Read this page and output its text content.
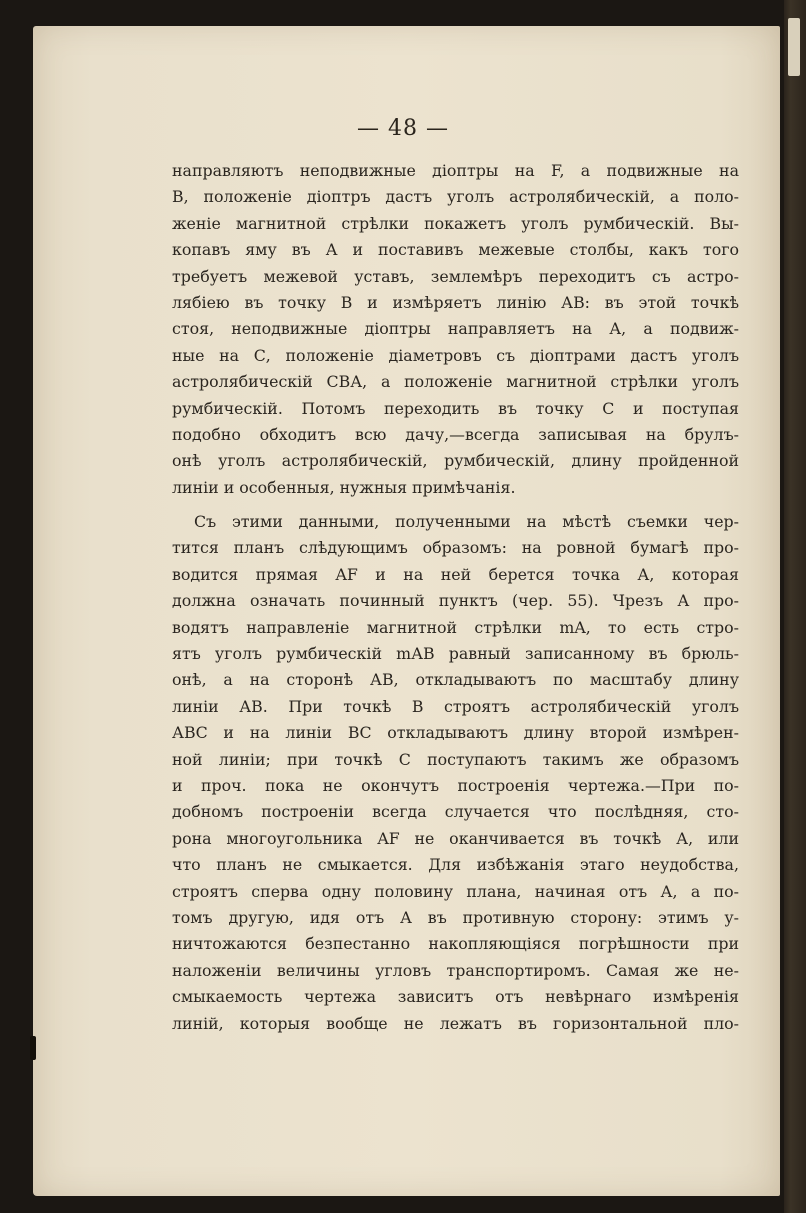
— 48 —
направляютъ неподвижные діоптры на F, а подвижные на
В, положеніе діоптръ дастъ уголъ астролябическій, а поло-
женіе магнитной стрѣлки покажетъ уголъ румбическій. Вы-
копавъ яму въ А и поставивъ межевые столбы, какъ того
требуетъ межевой уставъ, землемѣръ переходитъ съ астро-
лябіею въ точку В и измѣряетъ линію АВ: въ этой точкѣ
стоя, неподвижные діоптры направляетъ на А, а подвиж-
ные на С, положеніе діаметровъ съ діоптрами дастъ уголъ
астролябическій СВА, а положеніе магнитной стрѣлки уголъ
румбическій. Потомъ переходить въ точку С и поступая
подобно обходитъ всю дачу,—всегда записывая на брулъ-
онѣ уголъ астролябическій, румбическій, длину пройденной
линіи и особенныя, нужныя примѣчанія.
Съ этими данными, полученными на мѣстѣ съемки чер-
тится планъ слѣдующимъ образомъ: на ровной бумагѣ про-
водится прямая AF и на ней берется точка А, которая
должна означать починный пунктъ (чер. 55). Чрезъ А про-
водятъ направленіе магнитной стрѣлки mA, то есть стро-
ятъ уголъ румбическій mАВ равный записанному въ брюль-
онѣ, а на сторонѣ АВ, откладываютъ по масштабу длину
линіи АВ. При точкѣ В строятъ астролябическій уголъ
АВС и на линіи ВС откладываютъ длину второй измѣрен-
ной линіи; при точкѣ С поступаютъ такимъ же образомъ
и проч. пока не окончутъ построенія чертежа.—При по-
добномъ построеніи всегда случается что послѣдняя, сто-
рона многоугольника AF не оканчивается въ точкѣ А, или
что планъ не смыкается. Для избѣжанія этаго неудобства,
строятъ сперва одну половину плана, начиная отъ А, а по-
томъ другую, идя отъ А въ противную сторону: этимъ у-
ничтожаются безпестанно накопляющіяся погрѣшности при
наложеніи величины угловъ транспортиромъ. Самая же не-
смыкаемость чертежа зависитъ отъ невѣрнаго измѣренія
линій, которыя вообще не лежатъ въ горизонтальной пло-
